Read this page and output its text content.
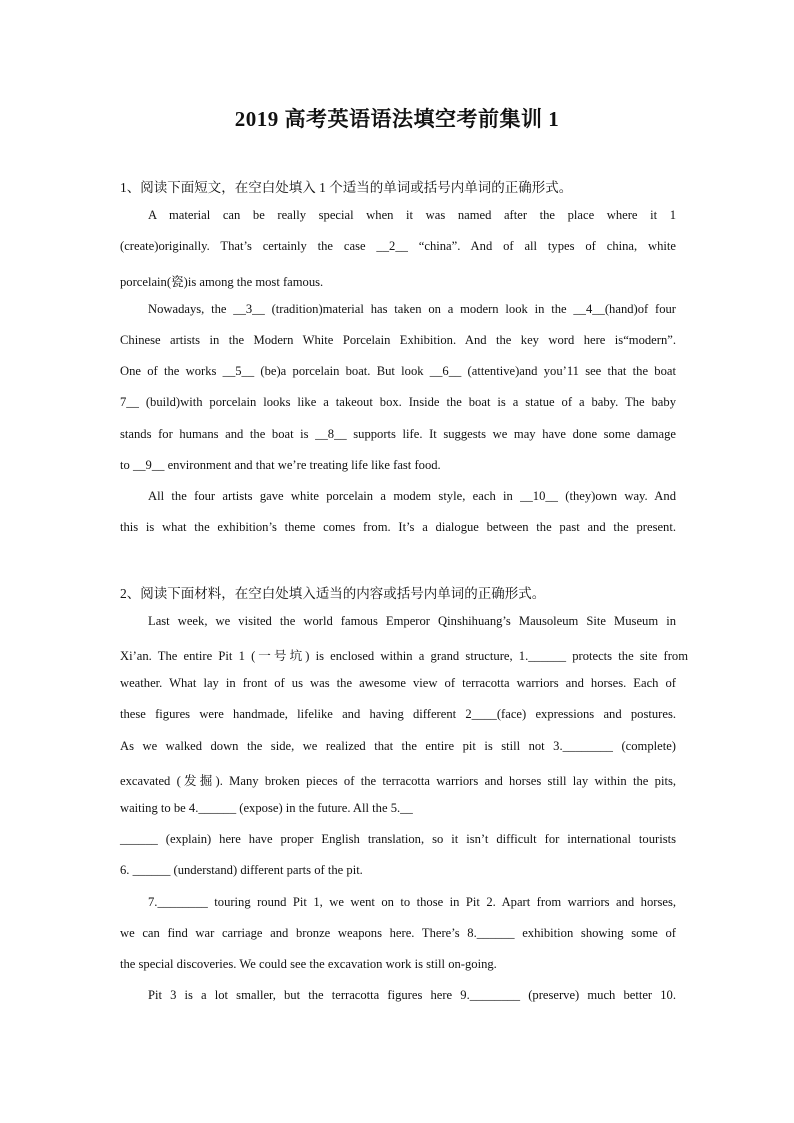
2019 高考英语语法填空考前集训 1
1、阅读下面短文，在空白处填入 1 个适当的单词或括号内单词的正确形式。
A material can be really special when it was named after the place where it 1
(create)originally. That’s certainly the case __2__ “china”. And of all types of china, white
porcelain(瓷)is among the most famous.
Nowadays, the __3__ (tradition)material has taken on a modern look in the __4__(hand)of four
Chinese artists in the Modern White Porcelain Exhibition. And the key word here is“modern”.
One of the works __5__ (be)a porcelain boat. But look __6__ (attentive)and you’11 see that the boat
7__ (build)with porcelain looks like a takeout box. Inside the boat is a statue of a baby. The baby
stands for humans and the boat is __8__ supports life. It suggests we may have done some damage
to __9__ environment and that we’re treating life like fast food.
All the four artists gave white porcelain a modem style, each in __10__ (they)own way. And
this is what the exhibition’s theme comes from. It’s a dialogue between the past and the present.
2、阅读下面材料，在空白处填入适当的内容或括号内单词的正确形式。
Last week, we visited the world famous Emperor Qinshihuang’s Mausoleum Site Museum in
Xi’an. The entire Pit 1 (一号坑) is enclosed within a grand structure, 1.______ protects the site from
weather. What lay in front of us was the awesome view of terracotta warriors and horses. Each of
these figures were handmade, lifelike and having different 2____(face) expressions and postures.
As we walked down the side, we realized that the entire pit is still not 3.________ (complete)
excavated (发掘). Many broken pieces of the terracotta warriors and horses still lay within the pits,
waiting to be 4.______ (expose) in the future. All the 5.__
______ (explain) here have proper English translation, so it isn’t difficult for international tourists
6. ______ (understand) different parts of the pit.
7.________ touring round Pit 1, we went on to those in Pit 2. Apart from warriors and horses,
we can find war carriage and bronze weapons here. There’s 8.______ exhibition showing some of
the special discoveries. We could see the excavation work is still on-going.
Pit 3 is a lot smaller, but the terracotta figures here 9.________ (preserve) much better 10.
